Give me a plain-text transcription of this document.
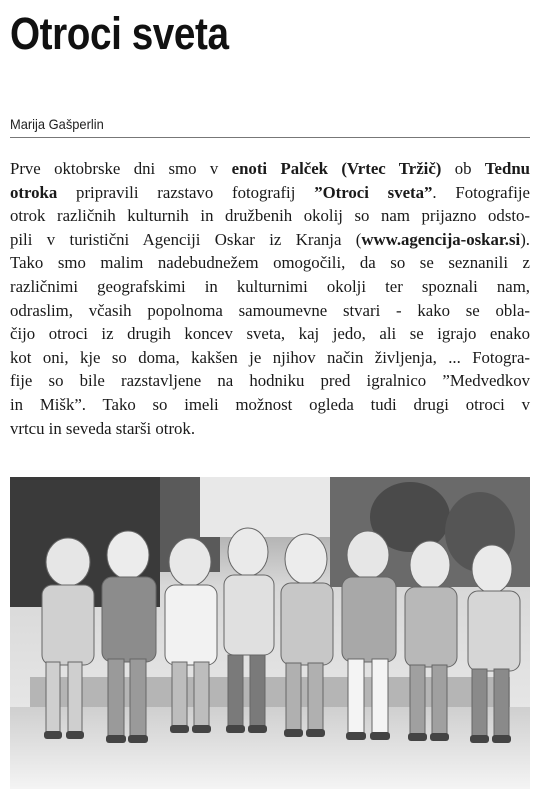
Otroci sveta
Marija Gašperlin
Prve oktobrske dni smo v enoti Palček (Vrtec Tržič) ob Tednu
otroka pripravili razstavo fotografij ”Otroci sveta”. Fotografije
otrok različnih kulturnih in družbenih okolij so nam prijazno odsto-
pili v turistični Agenciji Oskar iz Kranja (www.agencija-oskar.si).
Tako smo malim nadebudnežem omogočili, da so se seznanili z
različnimi geografskimi in kulturnimi okolji ter spoznali nam,
odraslim, včasih popolnoma samoumevne stvari - kako se obla-
čijo otroci iz drugih koncev sveta, kaj jedo, ali se igrajo enako
kot oni, kje so doma, kakšen je njihov način življenja, ... Fotogra-
fije so bile razstavljene na hodniku pred igralnico ”Medvedkov
in Mišk”. Tako so imeli možnost ogleda tudi drugi otroci v
vrtcu in seveda starši otrok.
